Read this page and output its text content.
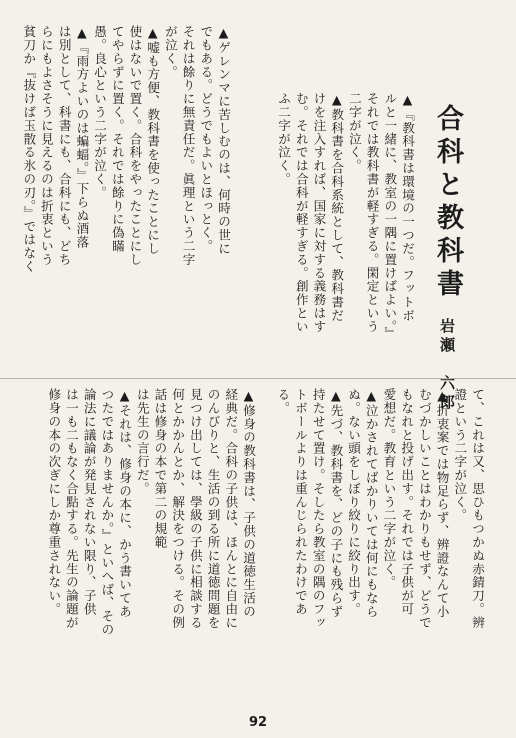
合科と教科書
岩瀬　六郎
▲『教科書は環境の一つだ。フットボ
ルと一緒に、教室の一隅に置けばよい。』
それでは教科書が軽すぎる。閑定という
二字が泣く。
▲教科書を合科系統として、教科書だ
けを注入すれば、国家に対する義務はす
む。それでは合科が軽すぎる。創作とい
ふ二字が泣く。
▲ゲレンマに苦しむのは、何時の世に
でもある。どうでもよいとほっとく。
それは餘りに無責任だ。眞理という二字
が泣く。
▲嘘も方便、教科書を使ったことにし
使はないで置く。合科をやったことにし
てやらずに置く。それでは餘りに偽瞞
愚。良心という二字が泣く。
▲『雨方よいのは蝙蝠。』下らぬ酒落
は別として、科書にも、合科にも、どち
らにもよさそうに見えるのは折衷という
貧刀か『抜けば玉散る氷の刃。』ではなく
て、これは又、思ひもつかぬ赤錆刀。辨
證という二字が泣く。
▲折衷案では物足らず、辨證なんて小
むづかしいことはわかりもせず、どうで
もなれと投げ出す。それでは子供が可
愛想だ。教育という二字が泣く。
▲泣かされてばかりいては何にもなら
ぬ。ない頭をしぼり絞りに絞り出す。
▲先づ、教科書を、どの子にも残らず
持たせて置け。そしたら教室の隅のフッ
トボールよりは重んじられたわけであ
る。
▲修身の教科書は、子供の道徳生活の
経典だ。合科の子供は、ほんとに自由に
のんびりと、生活の到る所に道徳問題を
見つけ出しては、學級の子供に相談する
何とかかんとか、解決をつける。その例
話は修身の本で第二の規範
は先生の言行だ。
▲それは、修身の本に、かう書いてあ
つたではありませんか。』といへば、その
論法に議論が発見されない限り、子供
は一も二もなく合點する。先生の論題が
修身の本の次ぎにしか尊重されない。
92
